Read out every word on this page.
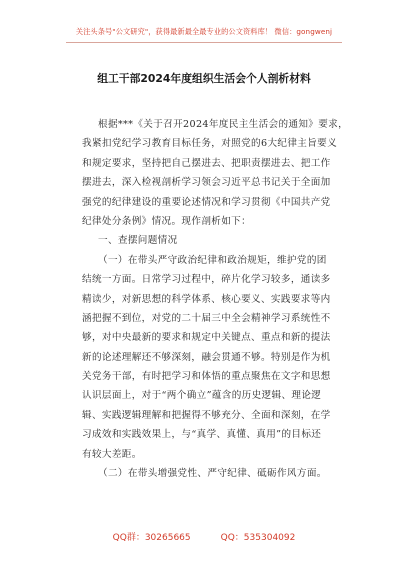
关注头条号"公文研究"，获得最新最全最专业的公文资料库！ 微信：gongwenj
组工干部2024年度组织生活会个人剖析材料
根据***《关于召开2024年度民主生活会的通知》要求，
我紧扣党纪学习教育目标任务，对照党的6大纪律主旨要义
和规定要求，坚持把自己摆进去、把职责摆进去、把工作
摆进去，深入检视剖析学习领会习近平总书记关于全面加
强党的纪律建设的重要论述情况和学习贯彻《中国共产党
纪律处分条例》情况。现作剖析如下：
一、查摆问题情况
（一）在带头严守政治纪律和政治规矩，维护党的团
结统一方面。日常学习过程中，碎片化学习较多，通读多
精读少，对新思想的科学体系、核心要义、实践要求等内
涵把握不到位，对党的二十届三中全会精神学习系统性不
够，对中央最新的要求和规定中关键点、重点和新的提法
新的论述理解还不够深刻，融会贯通不够。特别是作为机
关党务干部，有时把学习和体悟的重点聚焦在文字和思想
认识层面上，对于“两个确立”蕴含的历史逻辑、理论逻
辑、实践逻辑理解和把握得不够充分、全面和深刻，在学
习成效和实践效果上，与“真学、真懂、真用”的目标还
有较大差距。
（二）在带头增强党性、严守纪律、砥砺作风方面。
QQ群：30265665	QQ：535304092
